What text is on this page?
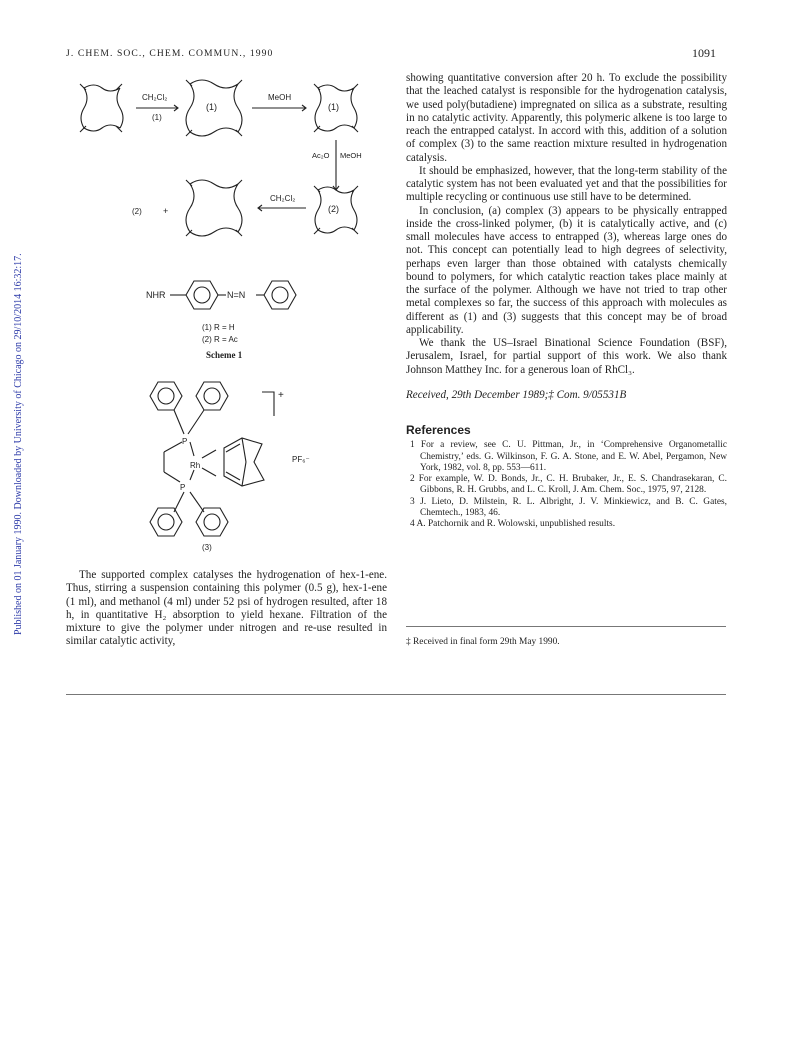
Published on 01 January 1990. Downloaded by University of Chicago on 29/10/2014 16:32:17.
J. CHEM. SOC., CHEM. COMMUN., 1990	1091
CH₂Cl₂
(1)
(1)
MeOH
(1)
Ac₂O MeOH
(2) +
CH₂Cl₂
(2)
NHR	N=N
(1) R = H
(2) R = Ac
Scheme 1
P
Rh
P
+
PF₆⁻
(3)

The supported complex catalyses the hydrogenation of hex-1-ene. Thus, stirring a suspension containing this polymer (0.5 g), hex-1-ene (1 ml), and methanol (4 ml) under 52 psi of hydrogen resulted, after 18 h, in quantitative H₂ absorption to yield hexane. Filtration of the mixture to give the polymer under nitrogen and re-use resulted in similar catalytic activity,

showing quantitative conversion after 20 h. To exclude the possibility that the leached catalyst is responsible for the hydrogenation catalysis, we used poly(butadiene) impregnated on silica as a substrate, resulting in no catalytic activity. Apparently, this polymeric alkene is too large to reach the entrapped catalyst. In accord with this, addition of a solution of complex (3) to the same reaction mixture resulted in hydrogenation catalysis.

It should be emphasized, however, that the long-term stability of the catalytic system has not been evaluated yet and that the possibilities for multiple recycling or continuous use still have to be determined.

In conclusion, (a) complex (3) appears to be physically entrapped inside the cross-linked polymer, (b) it is catalytically active, and (c) small molecules have access to entrapped (3), whereas large ones do not. This concept can potentially lead to high degrees of selectivity, perhaps even larger than those obtained with catalysts chemically bound to polymers, for which catalytic reaction takes place mainly at the surface of the polymer. Although we have not tried to trap other metal complexes so far, the success of this approach with molecules as different as (1) and (3) suggests that this concept may be of broad applicability.

We thank the US–Israel Binational Science Foundation (BSF), Jerusalem, Israel, for partial support of this work. We also thank Johnson Matthey Inc. for a generous loan of RhCl₃.

Received, 29th December 1989;‡ Com. 9/05531B

References

1 For a review, see C. U. Pittman, Jr., in ‘Comprehensive Organometallic Chemistry,’ eds. G. Wilkinson, F. G. A. Stone, and E. W. Abel, Pergamon, New York, 1982, vol. 8, pp. 553—611.

2 For example, W. D. Bonds, Jr., C. H. Brubaker, Jr., E. S. Chandrasekaran, C. Gibbons, R. H. Grubbs, and L. C. Kroll, J. Am. Chem. Soc., 1975, 97, 2128.

3 J. Lieto, D. Milstein, R. L. Albright, J. V. Minkiewicz, and B. C. Gates, Chemtech., 1983, 46.

4 A. Patchornik and R. Wolowski, unpublished results.

‡ Received in final form 29th May 1990.
